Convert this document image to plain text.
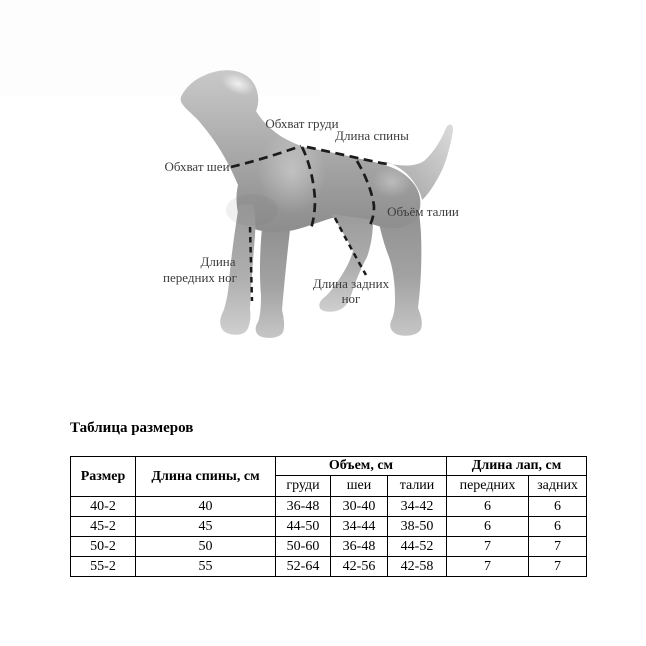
Обхват груди
Длина спины
Обхват шеи
Объём талии
Длина
передних ног	Длина задних
ног
Таблица размеров
Размер	Длина спины, см	Объем, см			Длина лап, см	
		груди	шеи	талии	передних	задних
40-2	40	36-48	30-40	34-42	6	6
45-2	45	44-50	34-44	38-50	6	6
50-2	50	50-60	36-48	44-52	7	7
55-2	55	52-64	42-56	42-58	7	7
